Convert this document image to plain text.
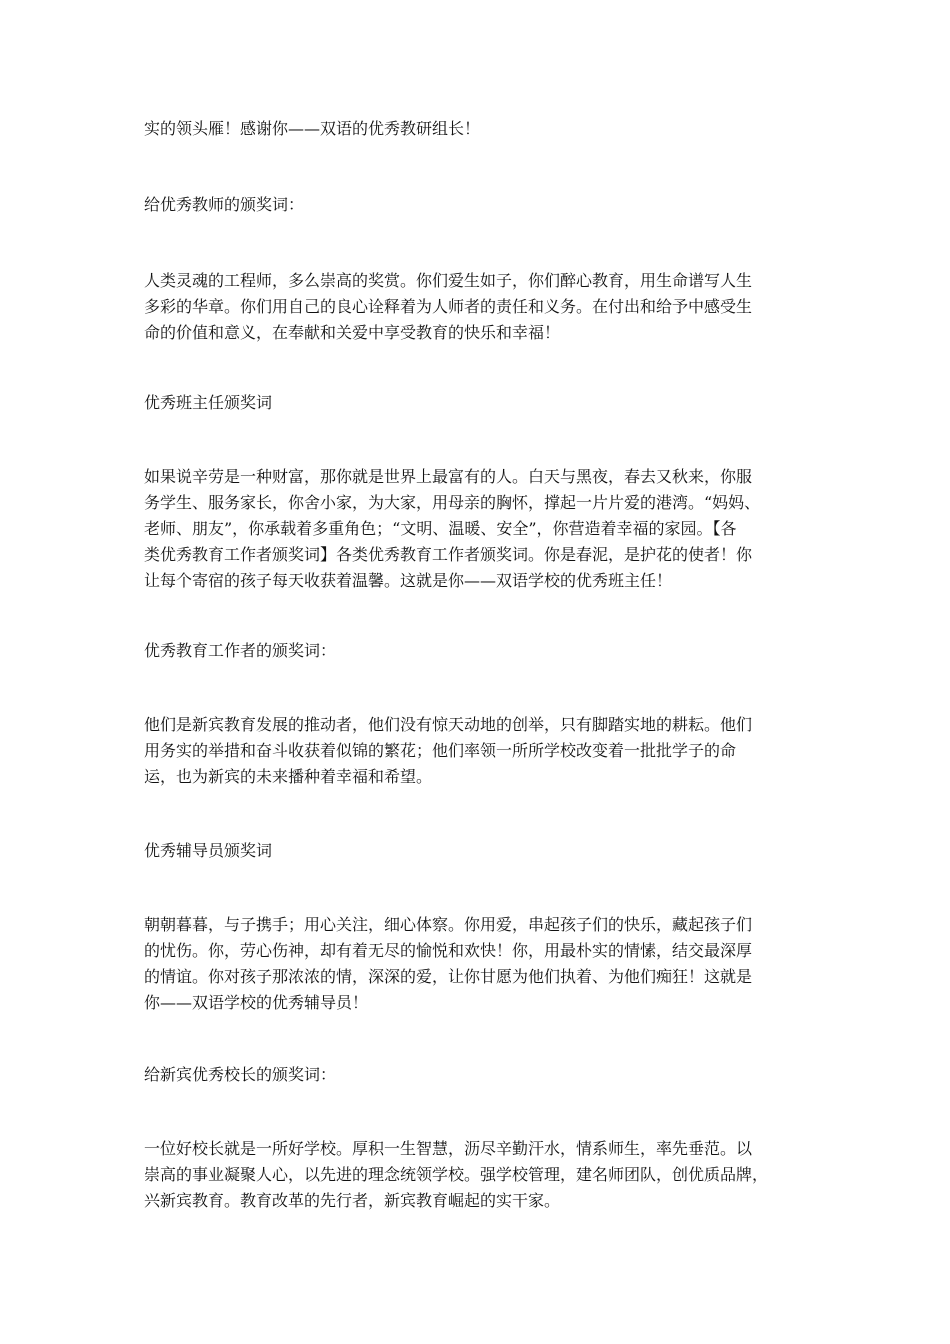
实的领头雁！感谢你——双语的优秀教研组长！

给优秀教师的颁奖词：

人类灵魂的工程师，多么崇高的奖赏。你们爱生如子，你们醉心教育，用生命谱写人生
多彩的华章。你们用自己的良心诠释着为人师者的责任和义务。在付出和给予中感受生
命的价值和意义，在奉献和关爱中享受教育的快乐和幸福！

优秀班主任颁奖词

如果说辛劳是一种财富，那你就是世界上最富有的人。白天与黑夜，春去又秋来，你服
务学生、服务家长，你舍小家，为大家，用母亲的胸怀，撑起一片片爱的港湾。“妈妈、
老师、朋友”，你承载着多重角色；“文明、温暖、安全”，你营造着幸福的家园。【各
类优秀教育工作者颁奖词】各类优秀教育工作者颁奖词。你是春泥，是护花的使者！你
让每个寄宿的孩子每天收获着温馨。这就是你——双语学校的优秀班主任！

优秀教育工作者的颁奖词：

他们是新宾教育发展的推动者，他们没有惊天动地的创举，只有脚踏实地的耕耘。他们
用务实的举措和奋斗收获着似锦的繁花；他们率领一所所学校改变着一批批学子的命
运，也为新宾的未来播种着幸福和希望。

优秀辅导员颁奖词

朝朝暮暮，与子携手；用心关注，细心体察。你用爱，串起孩子们的快乐，藏起孩子们
的忧伤。你，劳心伤神，却有着无尽的愉悦和欢快！你，用最朴实的情愫，结交最深厚
的情谊。你对孩子那浓浓的情，深深的爱，让你甘愿为他们执着、为他们痴狂！这就是
你——双语学校的优秀辅导员！

给新宾优秀校长的颁奖词：

一位好校长就是一所好学校。厚积一生智慧，沥尽辛勤汗水，情系师生，率先垂范。以
崇高的事业凝聚人心，以先进的理念统领学校。强学校管理，建名师团队，创优质品牌，
兴新宾教育。教育改革的先行者，新宾教育崛起的实干家。
